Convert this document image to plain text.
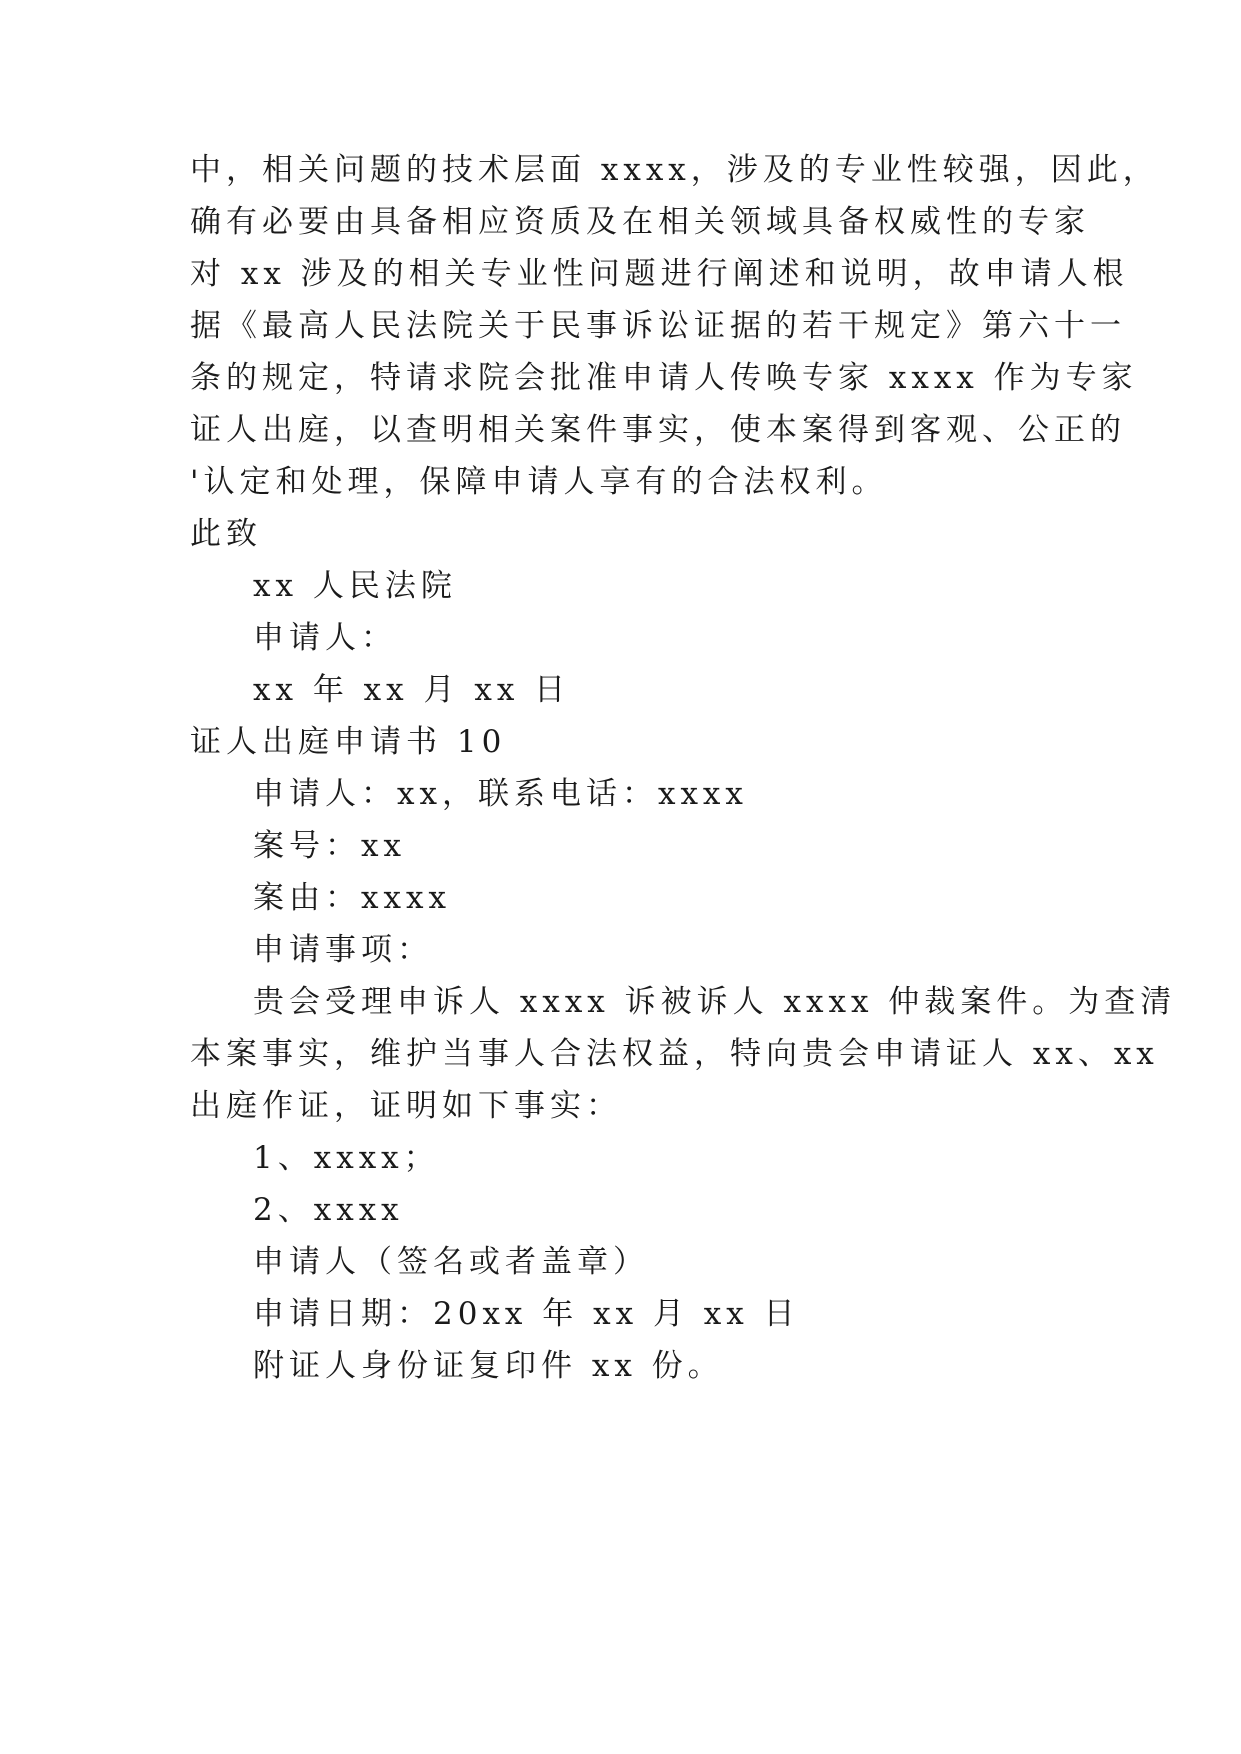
中，相关问题的技术层面 xxxx，涉及的专业性较强，因此，
确有必要由具备相应资质及在相关领域具备权威性的专家
对 xx 涉及的相关专业性问题进行阐述和说明，故申请人根
据《最高人民法院关于民事诉讼证据的若干规定》第六十一
条的规定，特请求院会批准申请人传唤专家 xxxx 作为专家
证人出庭，以查明相关案件事实，使本案得到客观、公正的
'认定和处理，保障申请人享有的合法权利。
此致
xx 人民法院
申请人：
xx 年 xx 月 xx 日
证人出庭申请书 10
申请人：xx，联系电话：xxxx
案号：xx
案由：xxxx
申请事项：
贵会受理申诉人 xxxx 诉被诉人 xxxx 仲裁案件。为查清
本案事实，维护当事人合法权益，特向贵会申请证人 xx、xx
出庭作证，证明如下事实：
1、xxxx；
2、xxxx
申请人（签名或者盖章）
申请日期：20xx 年 xx 月 xx 日
附证人身份证复印件 xx 份。
